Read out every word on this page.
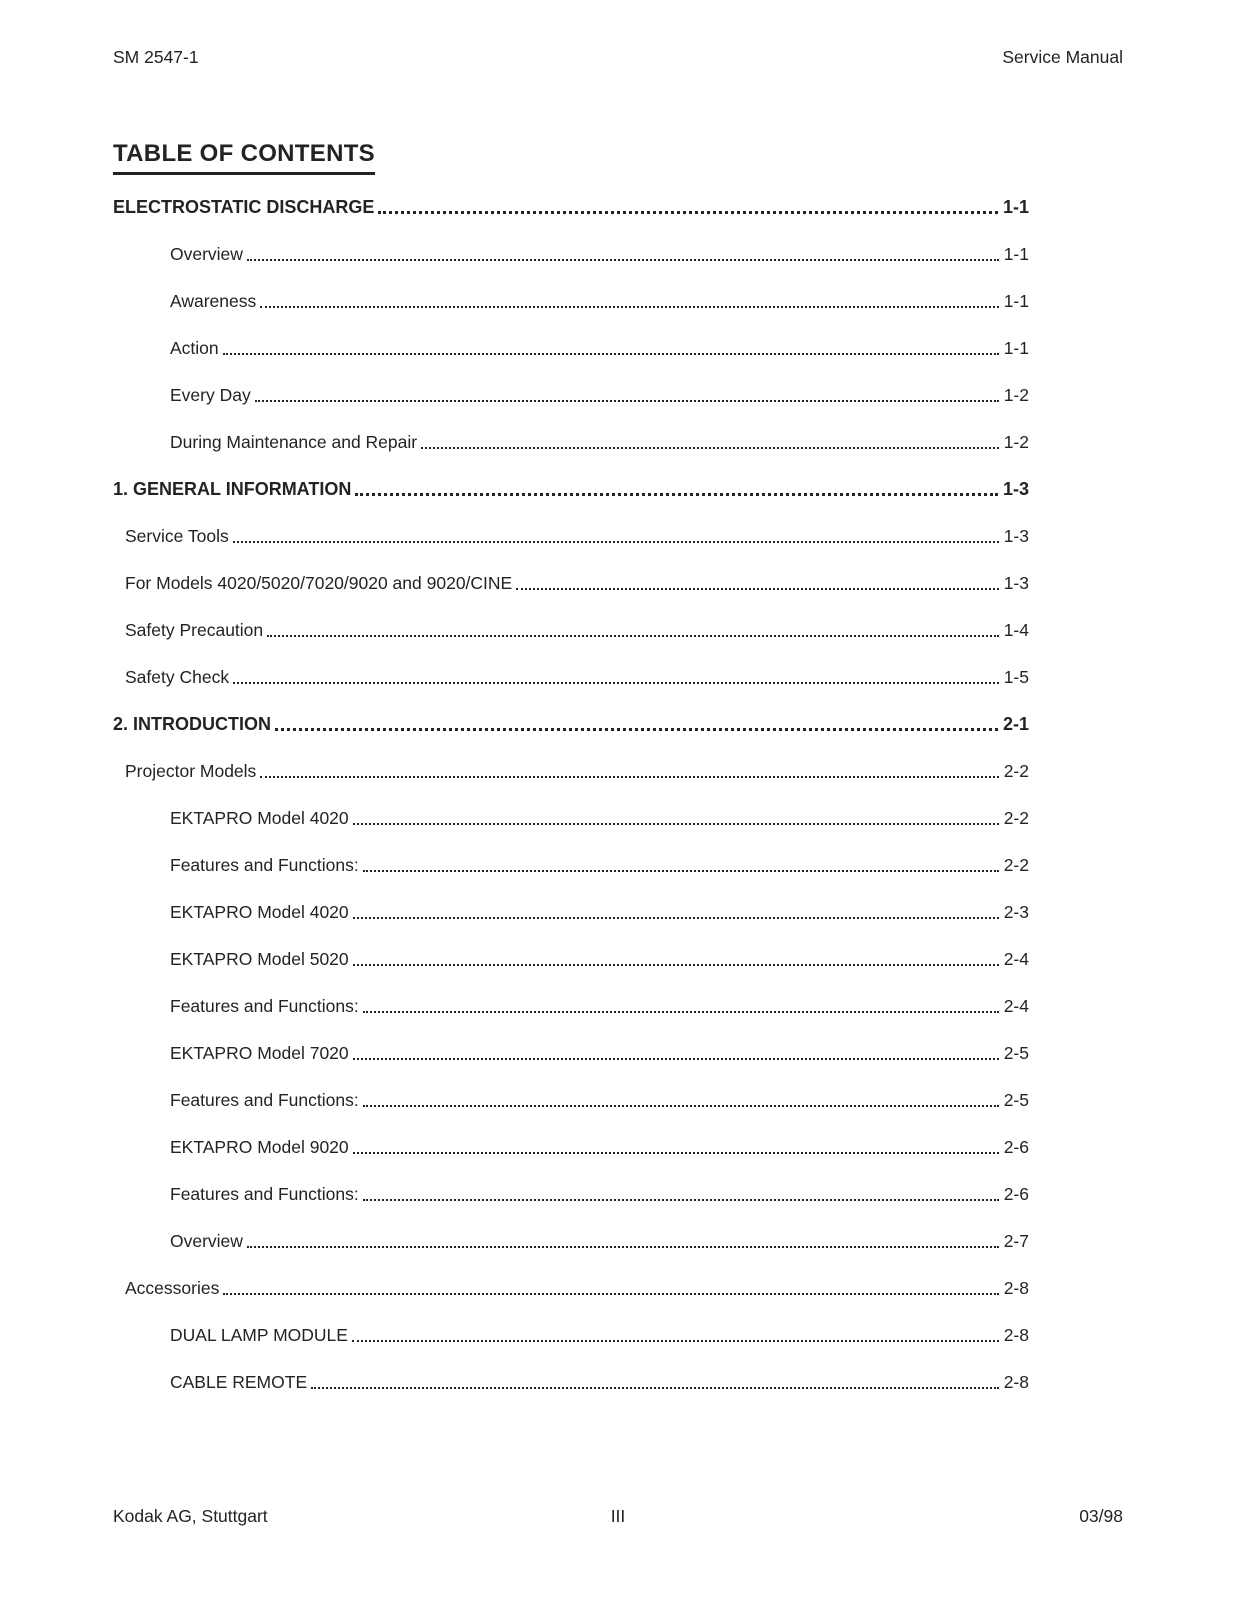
SM 2547-1	Service Manual
TABLE OF CONTENTS
ELECTROSTATIC DISCHARGE	1-1
Overview	1-1
Awareness	1-1
Action	1-1
Every Day	1-2
During Maintenance and Repair	1-2
1. GENERAL INFORMATION	1-3
Service Tools	1-3
For Models 4020/5020/7020/9020 and 9020/CINE	1-3
Safety Precaution	1-4
Safety Check	1-5
2. INTRODUCTION	2-1
Projector Models	2-2
EKTAPRO Model 4020	2-2
Features and Functions:	2-2
EKTAPRO Model 4020	2-3
EKTAPRO Model 5020	2-4
Features and Functions:	2-4
EKTAPRO Model 7020	2-5
Features and Functions:	2-5
EKTAPRO Model 9020	2-6
Features and Functions:	2-6
Overview	2-7
Accessories	2-8
DUAL LAMP MODULE	2-8
CABLE REMOTE	2-8
Kodak AG, Stuttgart	III	03/98
